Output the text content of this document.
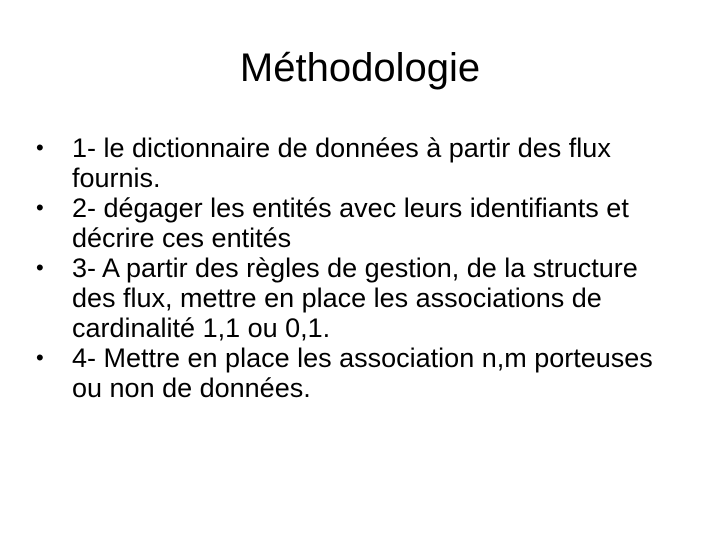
Méthodologie
•	1- le dictionnaire de données à partir des flux fournis.
•	2- dégager les entités avec leurs identifiants et décrire ces entités
•	3- A partir des règles de gestion, de la structure des flux, mettre en place les associations de cardinalité 1,1 ou 0,1.
•	4- Mettre en place les association n,m porteuses ou non de données.
